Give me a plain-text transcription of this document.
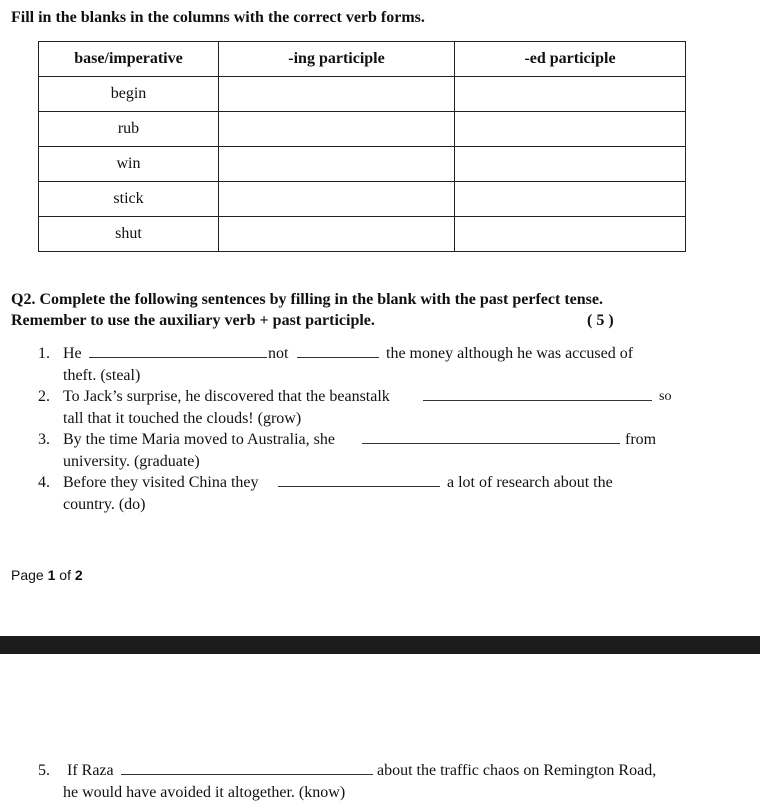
Fill in the blanks in the columns with the correct verb forms.
base/imperative	-ing participle	-ed participle
begin		
rub		
win		
stick		
shut		
Q2. Complete the following sentences by filling in the blank with the past perfect tense.
Remember to use the auxiliary verb + past participle.	( 5 )
1. He	not	the money although he was accused of
theft. (steal)
2. To Jack’s surprise, he discovered that the beanstalk	so
tall that it touched the clouds! (grow)
3. By the time Maria moved to Australia, she	from
university. (graduate)
4. Before they visited China they	a lot of research about the
country. (do)
Page 1 of 2
5. If Raza	about the traffic chaos on Remington Road,
he would have avoided it altogether. (know)
